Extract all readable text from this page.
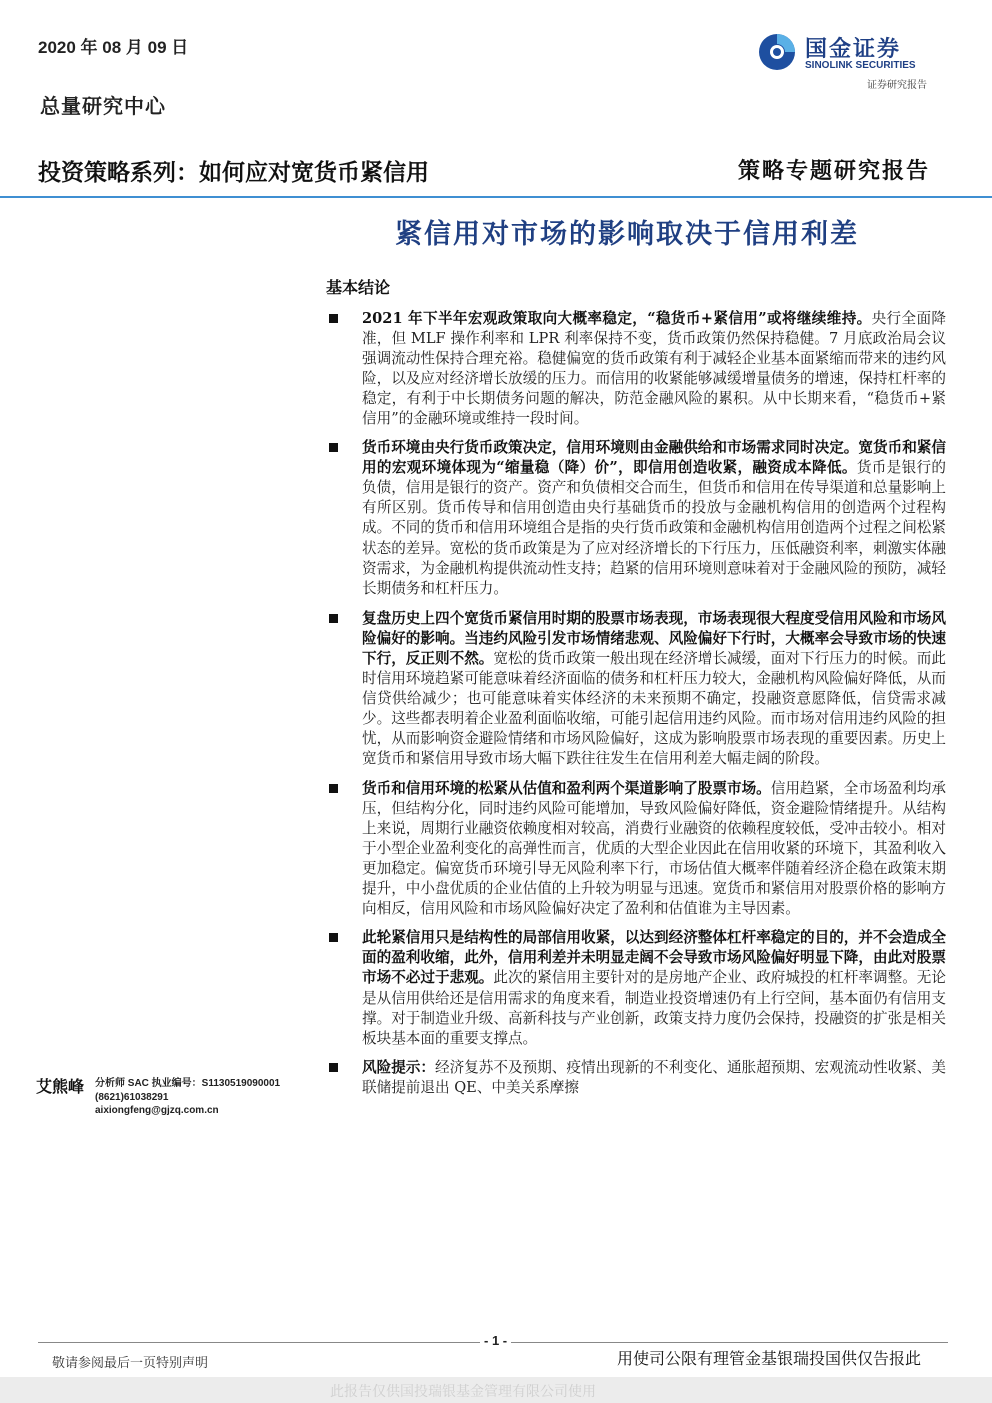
2020 年 08 月 09 日
总量研究中心
国金证券
SINOLINK SECURITIES
证券研究报告
投资策略系列：如何应对宽货币紧信用	策略专题研究报告
紧信用对市场的影响取决于信用利差
基本结论
2021 年下半年宏观政策取向大概率稳定，“稳货币+紧信用”或将继续维持。央行全面降准，但 MLF 操作利率和 LPR 利率保持不变，货币政策仍然保持稳健。7 月底政治局会议强调流动性保持合理充裕。稳健偏宽的货币政策有利于减轻企业基本面紧缩而带来的违约风险，以及应对经济增长放缓的压力。而信用的收紧能够减缓增量债务的增速，保持杠杆率的稳定，有利于中长期债务问题的解决，防范金融风险的累积。从中长期来看，“稳货币+紧信用”的金融环境或维持一段时间。
货币环境由央行货币政策决定，信用环境则由金融供给和市场需求同时决定。宽货币和紧信用的宏观环境体现为“缩量稳（降）价”，即信用创造收紧，融资成本降低。货币是银行的负债，信用是银行的资产。资产和负债相交合而生，但货币和信用在传导渠道和总量影响上有所区别。货币传导和信用创造由央行基础货币的投放与金融机构信用的创造两个过程构成。不同的货币和信用环境组合是指的央行货币政策和金融机构信用创造两个过程之间松紧状态的差异。宽松的货币政策是为了应对经济增长的下行压力，压低融资利率，刺激实体融资需求，为金融机构提供流动性支持；趋紧的信用环境则意味着对于金融风险的预防，减轻长期债务和杠杆压力。
复盘历史上四个宽货币紧信用时期的股票市场表现，市场表现很大程度受信用风险和市场风险偏好的影响。当违约风险引发市场情绪悲观、风险偏好下行时，大概率会导致市场的快速下行，反正则不然。宽松的货币政策一般出现在经济增长减缓，面对下行压力的时候。而此时信用环境趋紧可能意味着经济面临的债务和杠杆压力较大，金融机构风险偏好降低，从而信贷供给减少；也可能意味着实体经济的未来预期不确定，投融资意愿降低，信贷需求减少。这些都表明着企业盈利面临收缩，可能引起信用违约风险。而市场对信用违约风险的担忧，从而影响资金避险情绪和市场风险偏好，这成为影响股票市场表现的重要因素。历史上宽货币和紧信用导致市场大幅下跌往往发生在信用利差大幅走阔的阶段。
货币和信用环境的松紧从估值和盈利两个渠道影响了股票市场。信用趋紧，全市场盈利均承压，但结构分化，同时违约风险可能增加，导致风险偏好降低，资金避险情绪提升。从结构上来说，周期行业融资依赖度相对较高，消费行业融资的依赖程度较低，受冲击较小。相对于小型企业盈利变化的高弹性而言，优质的大型企业因此在信用收紧的环境下，其盈利收入更加稳定。偏宽货币环境引导无风险利率下行，市场估值大概率伴随着经济企稳在政策末期提升，中小盘优质的企业估值的上升较为明显与迅速。宽货币和紧信用对股票价格的影响方向相反，信用风险和市场风险偏好决定了盈利和估值谁为主导因素。
此轮紧信用只是结构性的局部信用收紧，以达到经济整体杠杆率稳定的目的，并不会造成全面的盈利收缩，此外，信用利差并未明显走阔不会导致市场风险偏好明显下降，由此对股票市场不必过于悲观。此次的紧信用主要针对的是房地产企业、政府城投的杠杆率调整。无论是从信用供给还是信用需求的角度来看，制造业投资增速仍有上行空间，基本面仍有信用支撑。对于制造业升级、高新科技与产业创新，政策支持力度仍会保持，投融资的扩张是相关板块基本面的重要支撑点。
风险提示：经济复苏不及预期、疫情出现新的不利变化、通胀超预期、宏观流动性收紧、美联储提前退出 QE、中美关系摩擦
艾熊峰 分析师 SAC 执业编号：S1130519090001
(8621)61038291
aixiongfeng@gjzq.com.cn
- 1 -
敬请参阅最后一页特别声明	用使司公限有理管金基银瑞投国供仅告报此
此报告仅供国投瑞银基金管理有限公司使用
